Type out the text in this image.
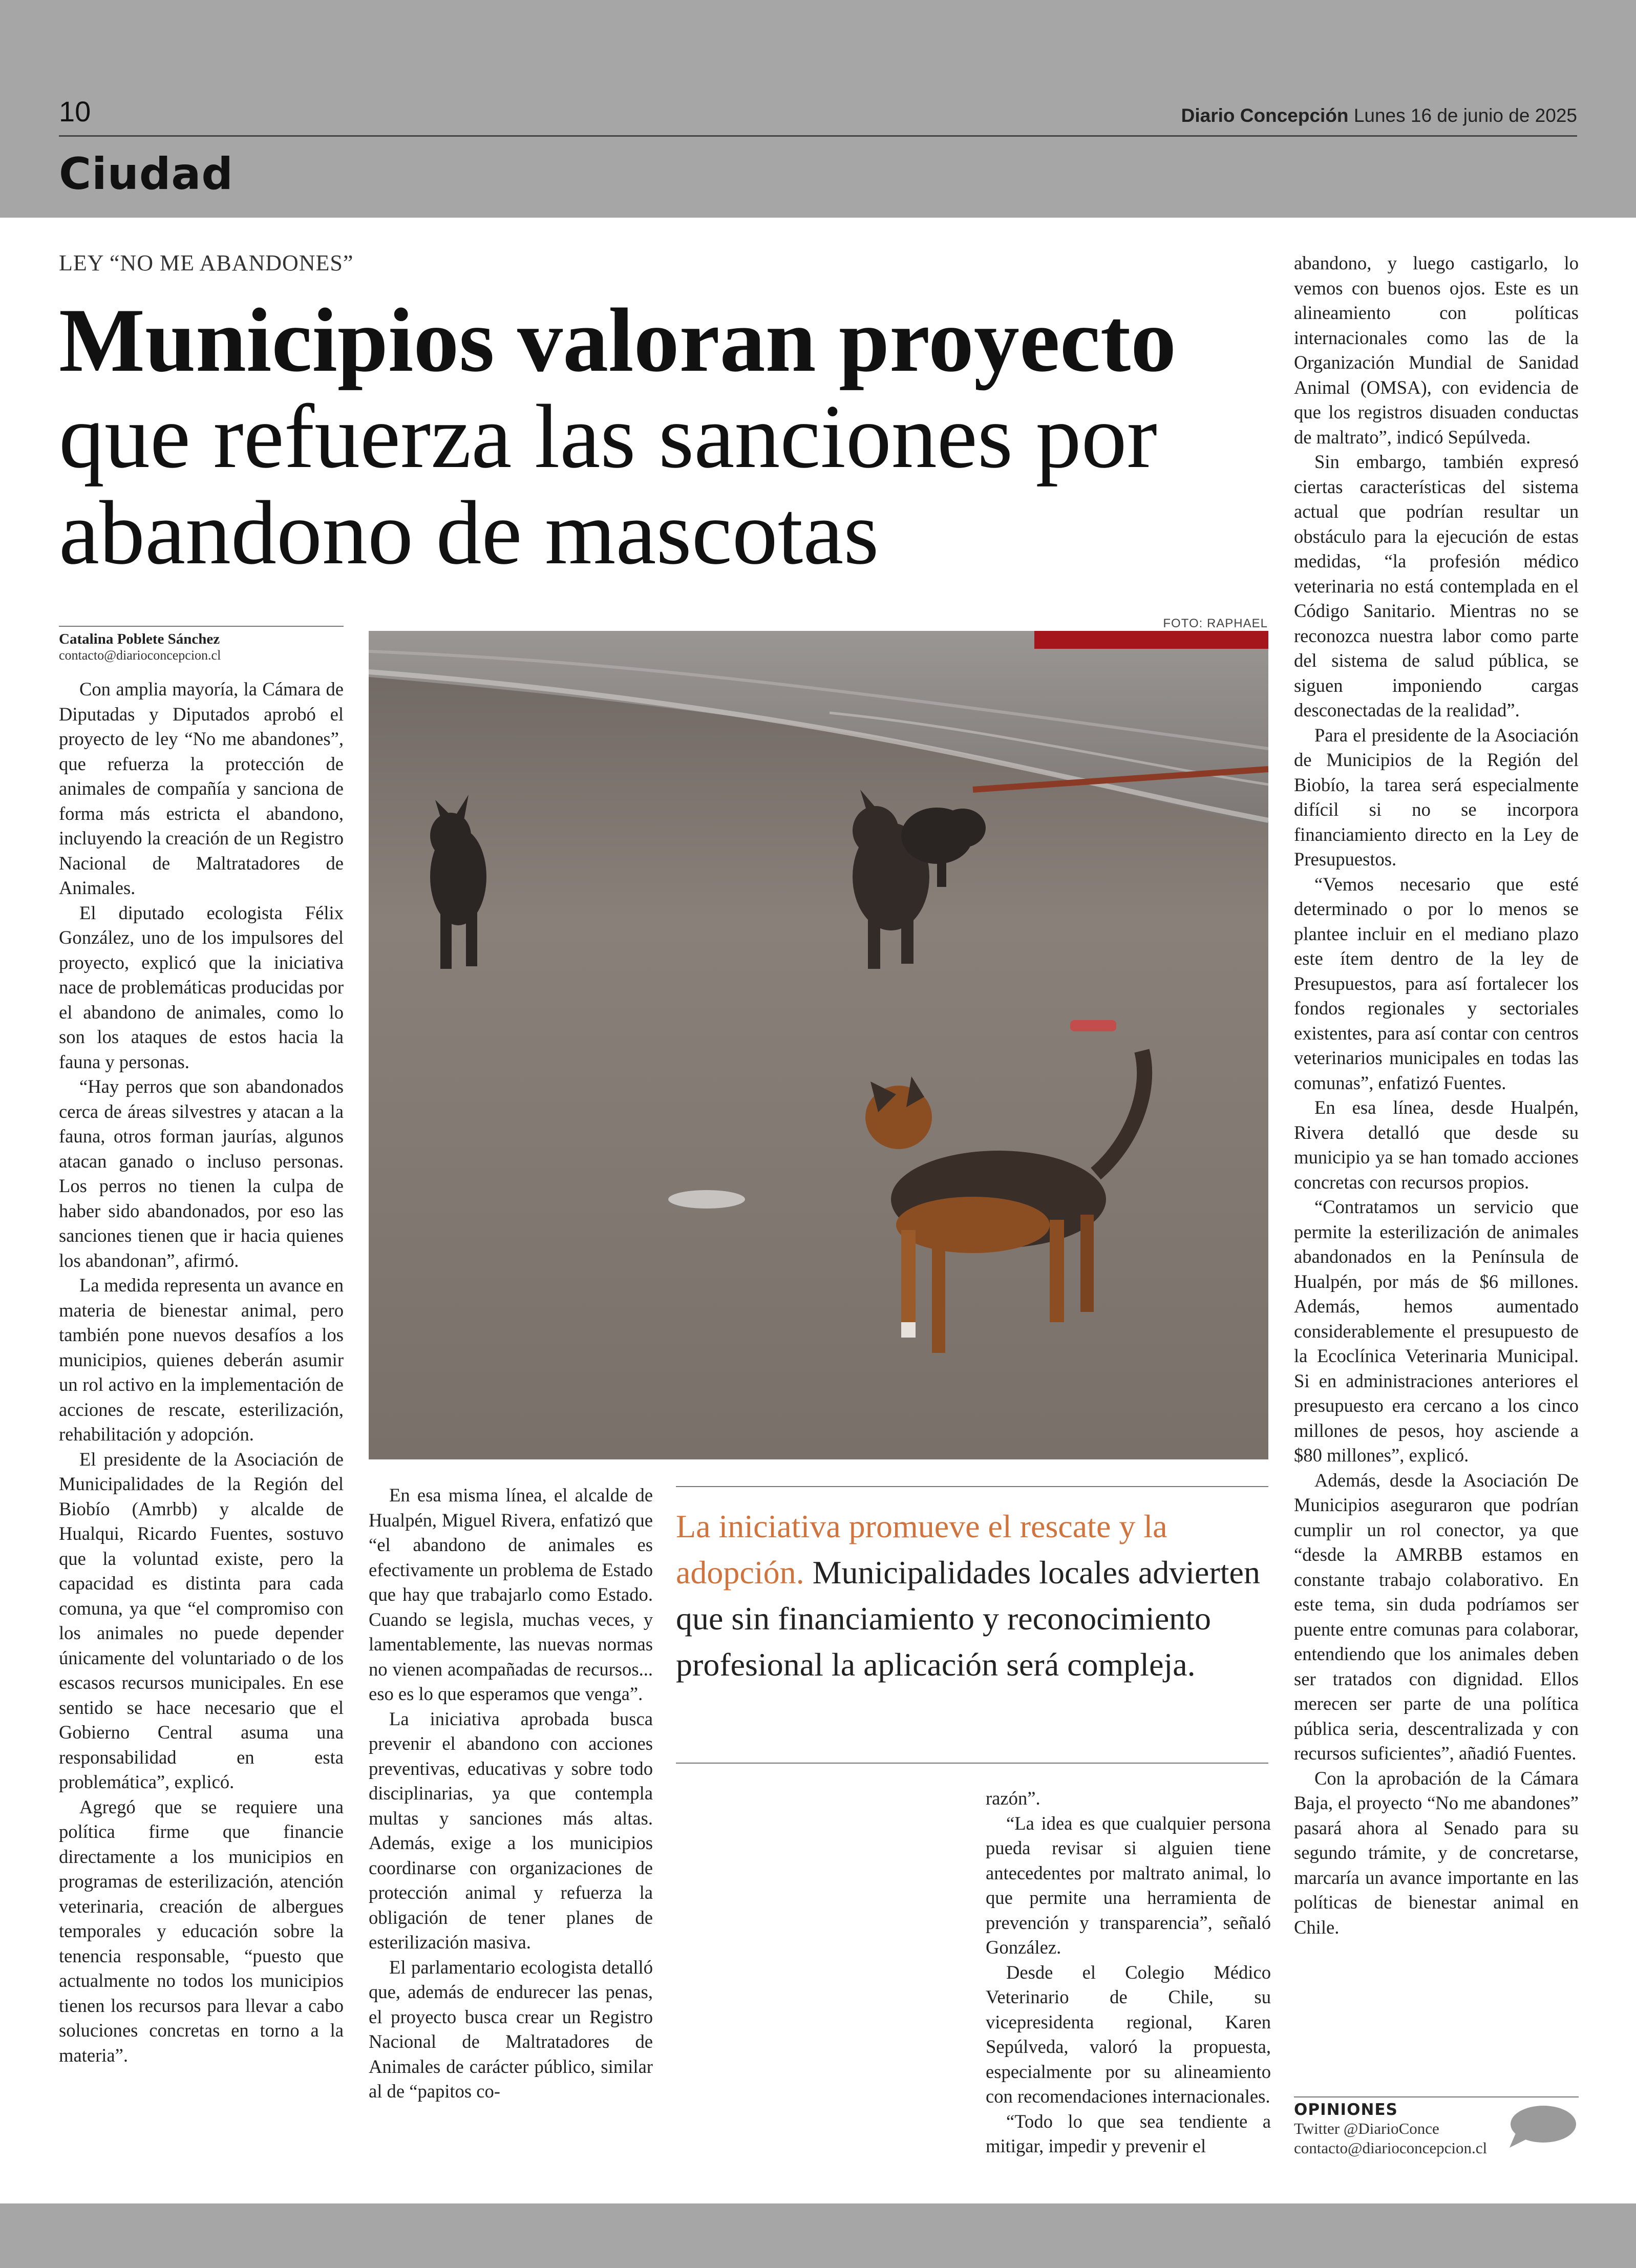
10	Diario Concepción Lunes 16 de junio de 2025
Ciudad
LEY “NO ME ABANDONES”
Municipios valoran proyecto
que refuerza las sanciones por abandono de mascotas
Catalina Poblete Sánchez
contacto@diarioconcepcion.cl

Con amplia mayoría, la Cámara de Diputadas y Diputados aprobó el proyecto de ley “No me abandones”, que refuerza la protección de animales de compañía y sanciona de forma más estricta el abandono, incluyendo la creación de un Registro Nacional de Maltratadores de Animales.

El diputado ecologista Félix González, uno de los impulsores del proyecto, explicó que la iniciativa nace de problemáticas producidas por el abandono de animales, como lo son los ataques de estos hacia la fauna y personas.

“Hay perros que son abandonados cerca de áreas silvestres y atacan a la fauna, otros forman jaurías, algunos atacan ganado o incluso personas. Los perros no tienen la culpa de haber sido abandonados, por eso las sanciones tienen que ir hacia quienes los abandonan”, afirmó.

La medida representa un avance en materia de bienestar animal, pero también pone nuevos desafíos a los municipios, quienes deberán asumir un rol activo en la implementación de acciones de rescate, esterilización, rehabilitación y adopción.

El presidente de la Asociación de Municipalidades de la Región del Biobío (Amrbb) y alcalde de Hualqui, Ricardo Fuentes, sostuvo que la voluntad existe, pero la capacidad es distinta para cada comuna, ya que “el compromiso con los animales no puede depender únicamente del voluntariado o de los escasos recursos municipales. En ese sentido se hace necesario que el Gobierno Central asuma una responsabilidad en esta problemática”, explicó.

Agregó que se requiere una política firme que financie directamente a los municipios en programas de esterilización, atención veterinaria, creación de albergues temporales y educación sobre la tenencia responsable, “puesto que actualmente no todos los municipios tienen los recursos para llevar a cabo soluciones concretas en torno a la materia”.

FOTO: RAPHAEL
La iniciativa promueve el rescate y la adopción. Municipalidades locales advierten que sin financiamiento y reconocimiento profesional la aplicación será compleja.

En esa misma línea, el alcalde de Hualpén, Miguel Rivera, enfatizó que “el abandono de animales es efectivamente un problema de Estado que hay que trabajarlo como Estado. Cuando se legisla, muchas veces, y lamentablemente, las nuevas normas no vienen acompañadas de recursos... eso es lo que esperamos que venga”.

La iniciativa aprobada busca prevenir el abandono con acciones preventivas, educativas y sobre todo disciplinarias, ya que contempla multas y sanciones más altas. Además, exige a los municipios coordinarse con organizaciones de protección animal y refuerza la obligación de tener planes de esterilización masiva.

El parlamentario ecologista detalló que, además de endurecer las penas, el proyecto busca crear un Registro Nacional de Maltratadores de Animales de carácter público, similar al de “papitos co-

razón”.

“La idea es que cualquier persona pueda revisar si alguien tiene antecedentes por maltrato animal, lo que permite una herramienta de prevención y transparencia”, señaló González.

Desde el Colegio Médico Veterinario de Chile, su vicepresidenta regional, Karen Sepúlveda, valoró la propuesta, especialmente por su alineamiento con recomendaciones internacionales.

“Todo lo que sea tendiente a mitigar, impedir y prevenir el

abandono, y luego castigarlo, lo vemos con buenos ojos. Este es un alineamiento con políticas internacionales como las de la Organización Mundial de Sanidad Animal (OMSA), con evidencia de que los registros disuaden conductas de maltrato”, indicó Sepúlveda.

Sin embargo, también expresó ciertas características del sistema actual que podrían resultar un obstáculo para la ejecución de estas medidas, “la profesión médico veterinaria no está contemplada en el Código Sanitario. Mientras no se reconozca nuestra labor como parte del sistema de salud pública, se siguen imponiendo cargas desconectadas de la realidad”.

Para el presidente de la Asociación de Municipios de la Región del Biobío, la tarea será especialmente difícil si no se incorpora financiamiento directo en la Ley de Presupuestos.

“Vemos necesario que esté determinado o por lo menos se plantee incluir en el mediano plazo este ítem dentro de la ley de Presupuestos, para así fortalecer los fondos regionales y sectoriales existentes, para así contar con centros veterinarios municipales en todas las comunas”, enfatizó Fuentes.

En esa línea, desde Hualpén, Rivera detalló que desde su municipio ya se han tomado acciones concretas con recursos propios.

“Contratamos un servicio que permite la esterilización de animales abandonados en la Península de Hualpén, por más de $6 millones. Además, hemos aumentado considerablemente el presupuesto de la Ecoclínica Veterinaria Municipal. Si en administraciones anteriores el presupuesto era cercano a los cinco millones de pesos, hoy asciende a $80 millones”, explicó.

Además, desde la Asociación De Municipios aseguraron que podrían cumplir un rol conector, ya que “desde la AMRBB estamos en constante trabajo colaborativo. En este tema, sin duda podríamos ser puente entre comunas para colaborar, entendiendo que los animales deben ser tratados con dignidad. Ellos merecen ser parte de una política pública seria, descentralizada y con recursos suficientes”, añadió Fuentes.

Con la aprobación de la Cámara Baja, el proyecto “No me abandones” pasará ahora al Senado para su segundo trámite, y de concretarse, marcaría un avance importante en las políticas de bienestar animal en Chile.

OPINIONES
Twitter @DiarioConce
contacto@diarioconcepcion.cl
